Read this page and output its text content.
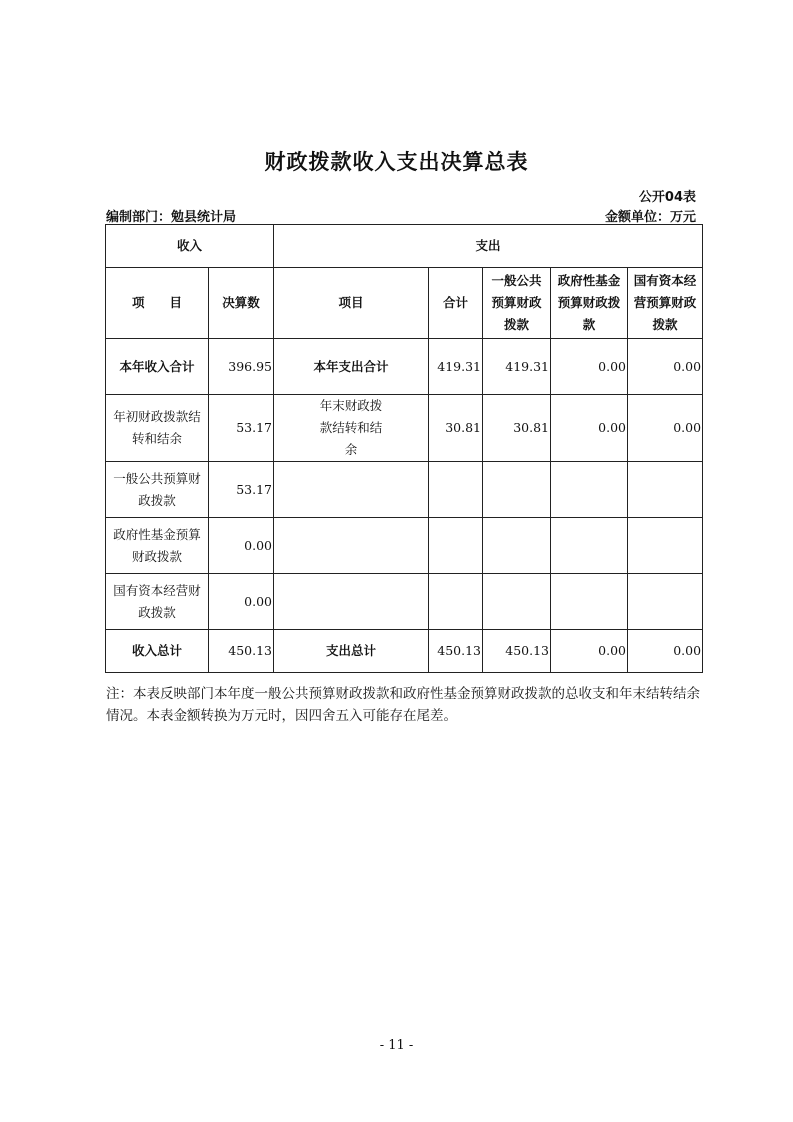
财政拨款收入支出决算总表
公开04表
编制部门：勉县统计局	金额单位：万元
收入		支出				
项　　目	决算数	项目	合计	一般公共预算财政拨款	政府性基金预算财政拨款	国有资本经营预算财政拨款
本年收入合计	396.95	本年支出合计	419.31	419.31	0.00	0.00
年初财政拨款结转和结余	53.17	年末财政拨款结转和结余	30.81	30.81	0.00	0.00
一般公共预算财政拨款	53.17					
政府性基金预算财政拨款	0.00					
国有资本经营财政拨款	0.00					
收入总计	450.13	支出总计	450.13	450.13	0.00	0.00
注：本表反映部门本年度一般公共预算财政拨款和政府性基金预算财政拨款的总收支和年末结转结余情况。本表金额转换为万元时，因四舍五入可能存在尾差。
- 11 -
